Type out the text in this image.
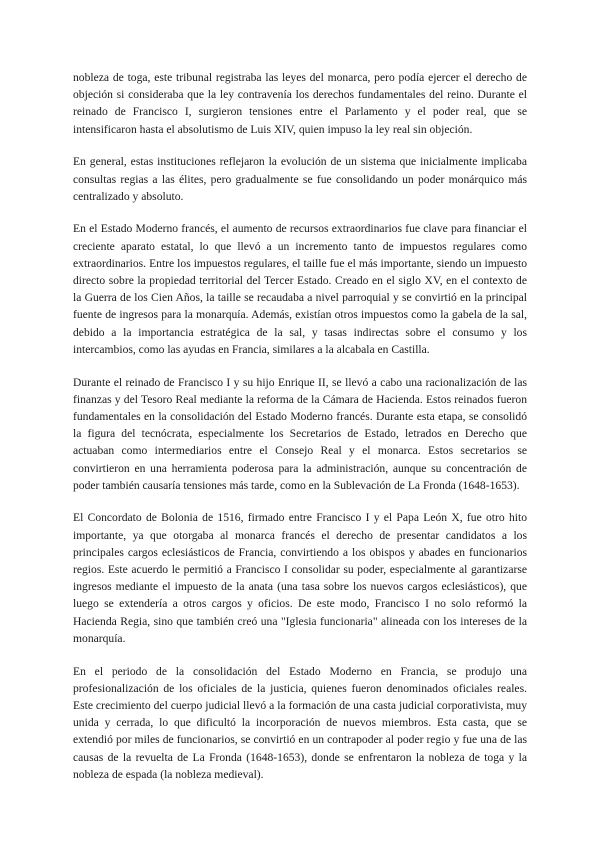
nobleza de toga, este tribunal registraba las leyes del monarca, pero podía ejercer el derecho de objeción si consideraba que la ley contravenía los derechos fundamentales del reino. Durante el reinado de Francisco I, surgieron tensiones entre el Parlamento y el poder real, que se intensificaron hasta el absolutismo de Luis XIV, quien impuso la ley real sin objeción.

En general, estas instituciones reflejaron la evolución de un sistema que inicialmente implicaba consultas regias a las élites, pero gradualmente se fue consolidando un poder monárquico más centralizado y absoluto.

En el Estado Moderno francés, el aumento de recursos extraordinarios fue clave para financiar el creciente aparato estatal, lo que llevó a un incremento tanto de impuestos regulares como extraordinarios. Entre los impuestos regulares, el taille fue el más importante, siendo un impuesto directo sobre la propiedad territorial del Tercer Estado. Creado en el siglo XV, en el contexto de la Guerra de los Cien Años, la taille se recaudaba a nivel parroquial y se convirtió en la principal fuente de ingresos para la monarquía. Además, existían otros impuestos como la gabela de la sal, debido a la importancia estratégica de la sal, y tasas indirectas sobre el consumo y los intercambios, como las ayudas en Francia, similares a la alcabala en Castilla.

Durante el reinado de Francisco I y su hijo Enrique II, se llevó a cabo una racionalización de las finanzas y del Tesoro Real mediante la reforma de la Cámara de Hacienda. Estos reinados fueron fundamentales en la consolidación del Estado Moderno francés. Durante esta etapa, se consolidó la figura del tecnócrata, especialmente los Secretarios de Estado, letrados en Derecho que actuaban como intermediarios entre el Consejo Real y el monarca. Estos secretarios se convirtieron en una herramienta poderosa para la administración, aunque su concentración de poder también causaría tensiones más tarde, como en la Sublevación de La Fronda (1648-1653).

El Concordato de Bolonia de 1516, firmado entre Francisco I y el Papa León X, fue otro hito importante, ya que otorgaba al monarca francés el derecho de presentar candidatos a los principales cargos eclesiásticos de Francia, convirtiendo a los obispos y abades en funcionarios regios. Este acuerdo le permitió a Francisco I consolidar su poder, especialmente al garantizarse ingresos mediante el impuesto de la anata (una tasa sobre los nuevos cargos eclesiásticos), que luego se extendería a otros cargos y oficios. De este modo, Francisco I no solo reformó la Hacienda Regia, sino que también creó una "Iglesia funcionaria" alineada con los intereses de la monarquía.

En el periodo de la consolidación del Estado Moderno en Francia, se produjo una profesionalización de los oficiales de la justicia, quienes fueron denominados oficiales reales. Este crecimiento del cuerpo judicial llevó a la formación de una casta judicial corporativista, muy unida y cerrada, lo que dificultó la incorporación de nuevos miembros. Esta casta, que se extendió por miles de funcionarios, se convirtió en un contrapoder al poder regio y fue una de las causas de la revuelta de La Fronda (1648-1653), donde se enfrentaron la nobleza de toga y la nobleza de espada (la nobleza medieval).
